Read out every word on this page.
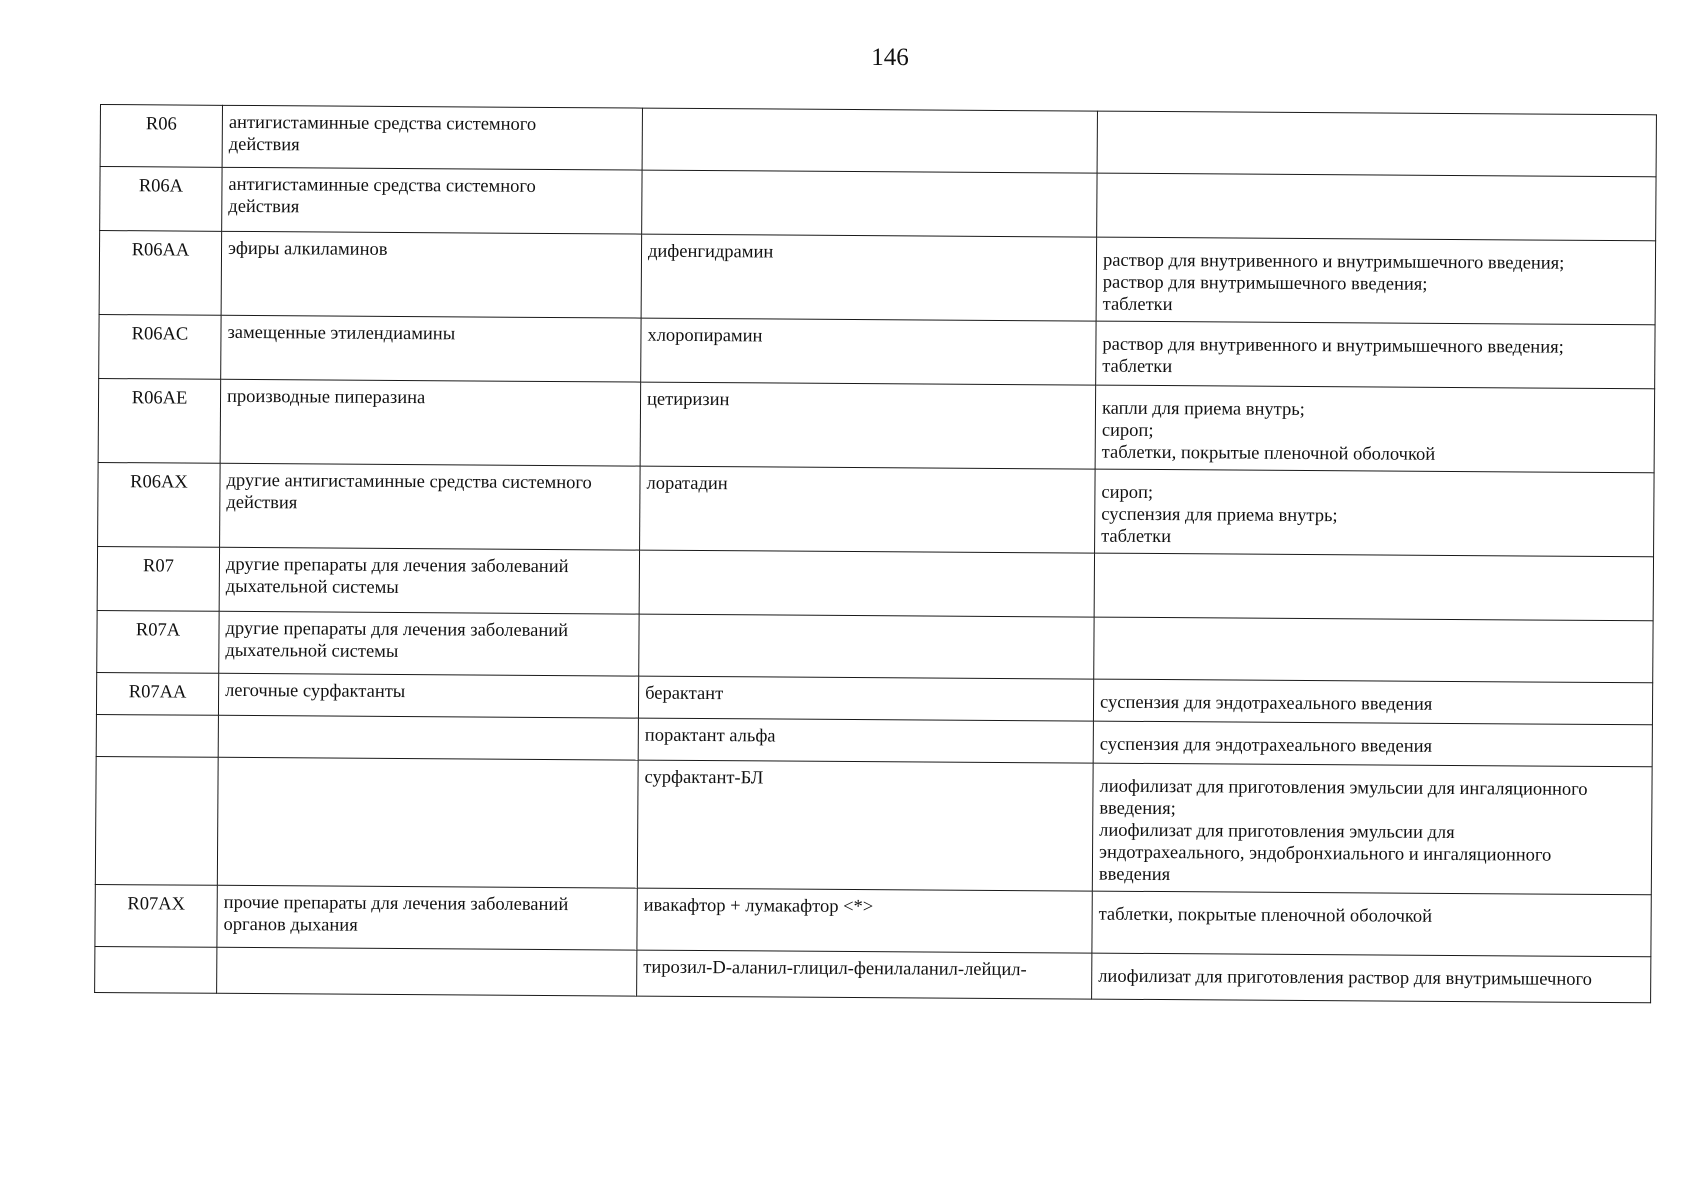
146
R06	антигистаминные средства системного
действия		
R06A	антигистаминные средства системного
действия		
R06AA	эфиры алкиламинов	дифенгидрамин	раствор для внутривенного и внутримышечного введения;
раствор для внутримышечного введения;
таблетки
R06AC	замещенные этилендиамины	хлоропирамин	раствор для внутривенного и внутримышечного введения;
таблетки
R06AE	производные пиперазина	цетиризин	капли для приема внутрь;
сироп;
таблетки, покрытые пленочной оболочкой
R06AX	другие антигистаминные средства системного
действия	лоратадин	сироп;
суспензия для приема внутрь;
таблетки
R07	другие препараты для лечения заболеваний
дыхательной системы		
R07A	другие препараты для лечения заболеваний
дыхательной системы		
R07AA	легочные сурфактанты	берактант	суспензия для эндотрахеального введения
		порактант альфа	суспензия для эндотрахеального введения
		сурфактант-БЛ	лиофилизат для приготовления эмульсии для ингаляционного
введения;
лиофилизат для приготовления эмульсии для
эндотрахеального, эндобронхиального и ингаляционного
введения
R07AX	прочие препараты для лечения заболеваний
органов дыхания	ивакафтор + лумакафтор <*>	таблетки, покрытые пленочной оболочкой
		тирозил-D-аланил-глицил-фенилаланил-лейцил-	лиофилизат для приготовления раствор для внутримышечного
